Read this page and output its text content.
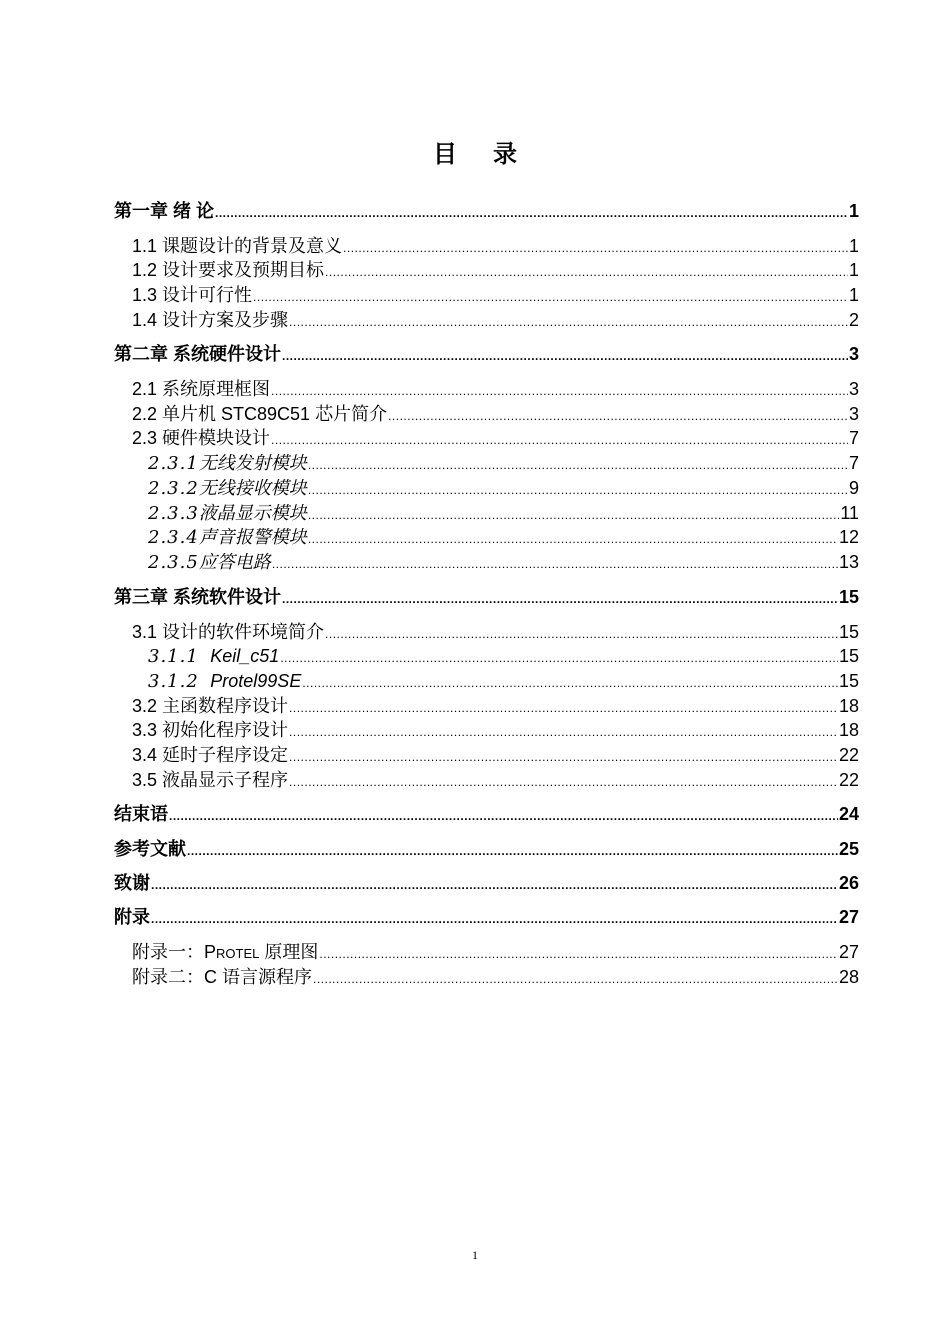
目 录
第一章 绪 论 .....	1
1.1 课题设计的背景及意义 .....	1
1.2 设计要求及预期目标 .....	1
1.3 设计可行性 .....	1
1.4 设计方案及步骤 .....	2
第二章 系统硬件设计 .....	3
2.1 系统原理框图 .....	3
2.2 单片机 STC89C51 芯片简介 .....	3
2.3 硬件模块设计 .....	7
2.3.1无线发射模块 .....	7
2.3.2无线接收模块 .....	9
2.3.3液晶显示模块 .....	11
2.3.4声音报警模块 .....	12
2.3.5应答电路 .....	13
第三章 系统软件设计 .....	15
3.1 设计的软件环境简介 .....	15
3.1.1 Keil_c51 .....	15
3.1.2 Protel99SE .....	15
3.2 主函数程序设计 .....	18
3.3 初始化程序设计 .....	18
3.4 延时子程序设定 .....	22
3.5 液晶显示子程序 .....	22
结束语 .....	24
参考文献 .....	25
致谢 .....	26
附录 .....	27
附录一：Protel 原理图 .....	27
附录二：C 语言源程序 .....	28
1
